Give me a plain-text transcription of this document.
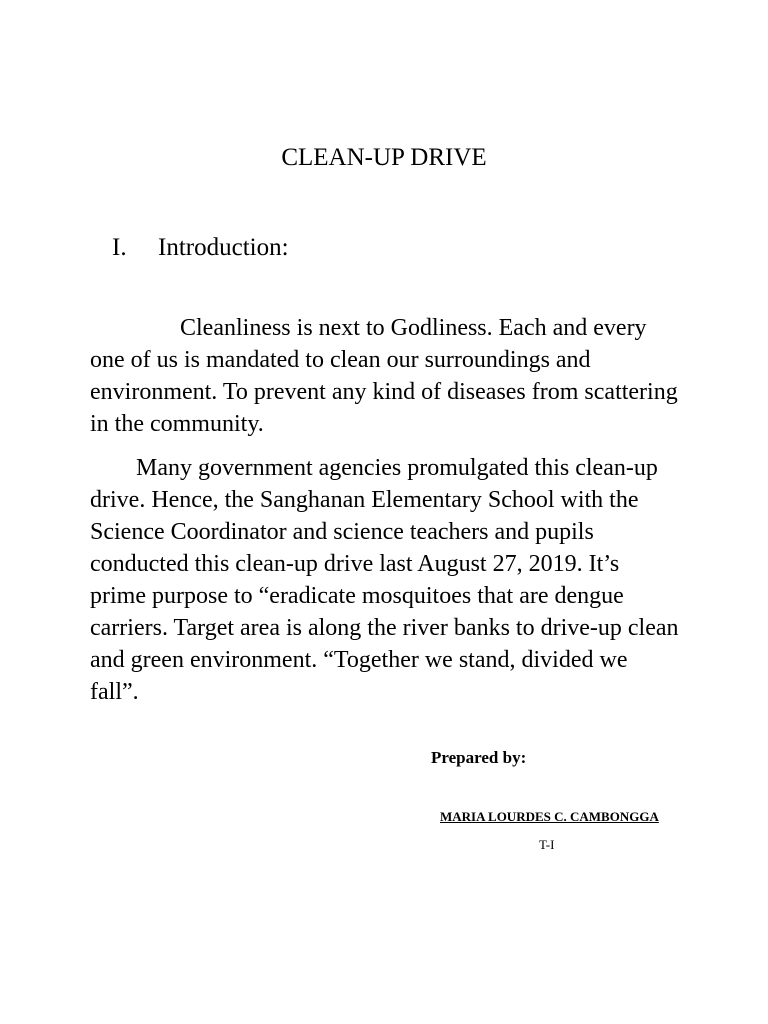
CLEAN-UP DRIVE
I. Introduction:

Cleanliness is next to Godliness. Each and every one of us is mandated to clean our surroundings and environment. To prevent any kind of diseases from scattering in the community.

Many government agencies promulgated this clean-up drive. Hence, the Sanghanan Elementary School with the Science Coordinator and science teachers and pupils conducted this clean-up drive last August 27, 2019. It’s prime purpose to “eradicate mosquitoes that are dengue carriers. Target area is along the river banks to drive-up clean and green environment. “Together we stand, divided we fall”.

Prepared by:
MARIA LOURDES C. CAMBONGGA
T-I
